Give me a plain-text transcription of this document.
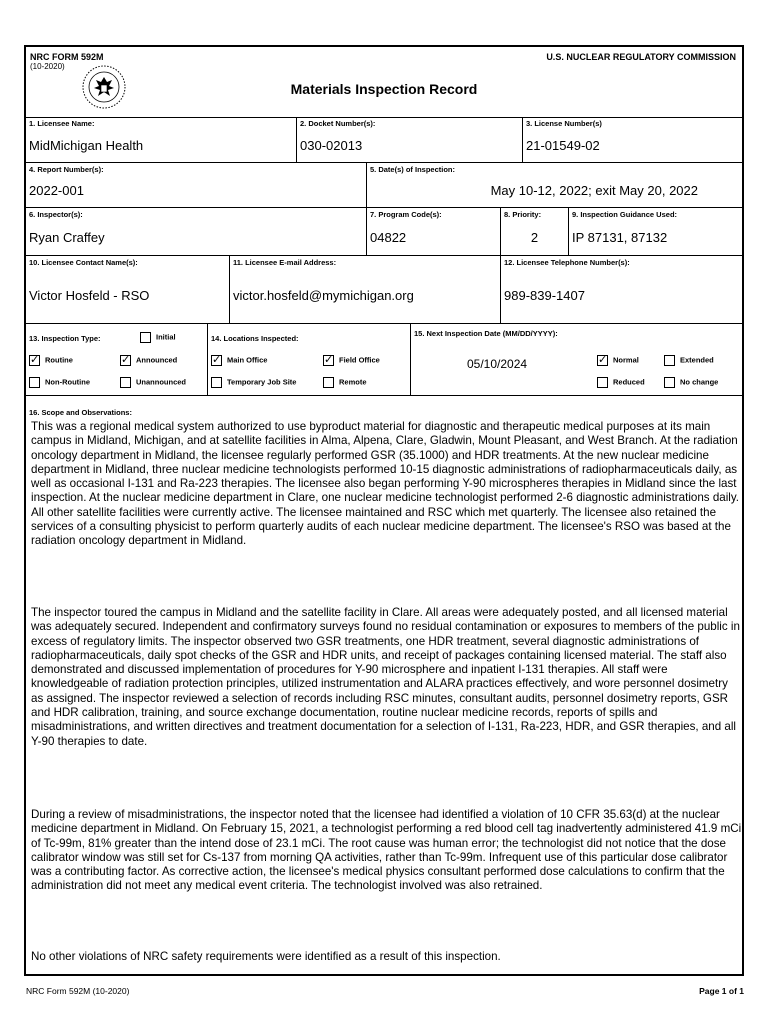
NRC FORM 592M
(10-2020)
U.S. NUCLEAR REGULATORY COMMISSION
Materials Inspection Record
1. Licensee Name:
MidMichigan Health
2. Docket Number(s):
030-02013
3. License Number(s)
21-01549-02
4. Report Number(s):
2022-001
5. Date(s) of Inspection:
May 10-12, 2022; exit May 20, 2022
6. Inspector(s):
Ryan Craffey
7. Program Code(s):
04822
8. Priority:
2
9. Inspection Guidance Used:
IP 87131, 87132
10. Licensee Contact Name(s):
Victor Hosfeld - RSO
11. Licensee E-mail Address:
victor.hosfeld@mymichigan.org
12. Licensee Telephone Number(s):
989-839-1407
13. Inspection Type:	Initial
✓Routine ✓	Announced
Non-Routine	Unannounced
14. Locations Inspected:
✓Main Office ✓	Field Office
Temporary Job Site	Remote
15. Next Inspection Date (MM/DD/YYYY):
05/10/2024 ✓	Normal	Extended
Reduced	No change
16. Scope and Observations:
This was a regional medical system authorized to use byproduct material for diagnostic and therapeutic medical purposes at its main campus in Midland, Michigan, and at satellite facilities in Alma, Alpena, Clare, Gladwin, Mount Pleasant, and West Branch. At the radiation oncology department in Midland, the licensee regularly performed GSR (35.1000) and HDR treatments. At the new nuclear medicine department in Midland, three nuclear medicine technologists performed 10-15 diagnostic administrations of radiopharmaceuticals daily, as well as occasional I-131 and Ra-223 therapies. The licensee also began performing Y-90 microspheres therapies in Midland since the last inspection. At the nuclear medicine department in Clare, one nuclear medicine technologist performed 2-6 diagnostic administrations daily. All other satellite facilities were currently active. The licensee maintained and RSC which met quarterly. The licensee also retained the services of a consulting physicist to perform quarterly audits of each nuclear medicine department. The licensee's RSO was based at the radiation oncology department in Midland.
The inspector toured the campus in Midland and the satellite facility in Clare. All areas were adequately posted, and all licensed material was adequately secured. Independent and confirmatory surveys found no residual contamination or exposures to members of the public in excess of regulatory limits. The inspector observed two GSR treatments, one HDR treatment, several diagnostic administrations of radiopharmaceuticals, daily spot checks of the GSR and HDR units, and receipt of packages containing licensed material. The staff also demonstrated and discussed implementation of procedures for Y-90 microsphere and inpatient I-131 therapies. All staff were knowledgeable of radiation protection principles, utilized instrumentation and ALARA practices effectively, and wore personnel dosimetry as assigned. The inspector reviewed a selection of records including RSC minutes, consultant audits, personnel dosimetry reports, GSR and HDR calibration, training, and source exchange documentation, routine nuclear medicine records, reports of spills and misadministrations, and written directives and treatment documentation for a selection of I-131, Ra-223, HDR, and GSR therapies, and all Y-90 therapies to date.
During a review of misadministrations, the inspector noted that the licensee had identified a violation of 10 CFR 35.63(d) at the nuclear medicine department in Midland. On February 15, 2021, a technologist performing a red blood cell tag inadvertently administered 41.9 mCi of Tc-99m, 81% greater than the intend dose of 23.1 mCi. The root cause was human error; the technologist did not notice that the dose calibrator window was still set for Cs-137 from morning QA activities, rather than Tc-99m. Infrequent use of this particular dose calibrator was a contributing factor. As corrective action, the licensee's medical physics consultant performed dose calculations to confirm that the administration did not meet any medical event criteria. The technologist involved was also retrained.
No other violations of NRC safety requirements were identified as a result of this inspection.
NRC Form 592M (10-2020)	Page 1 of 1
